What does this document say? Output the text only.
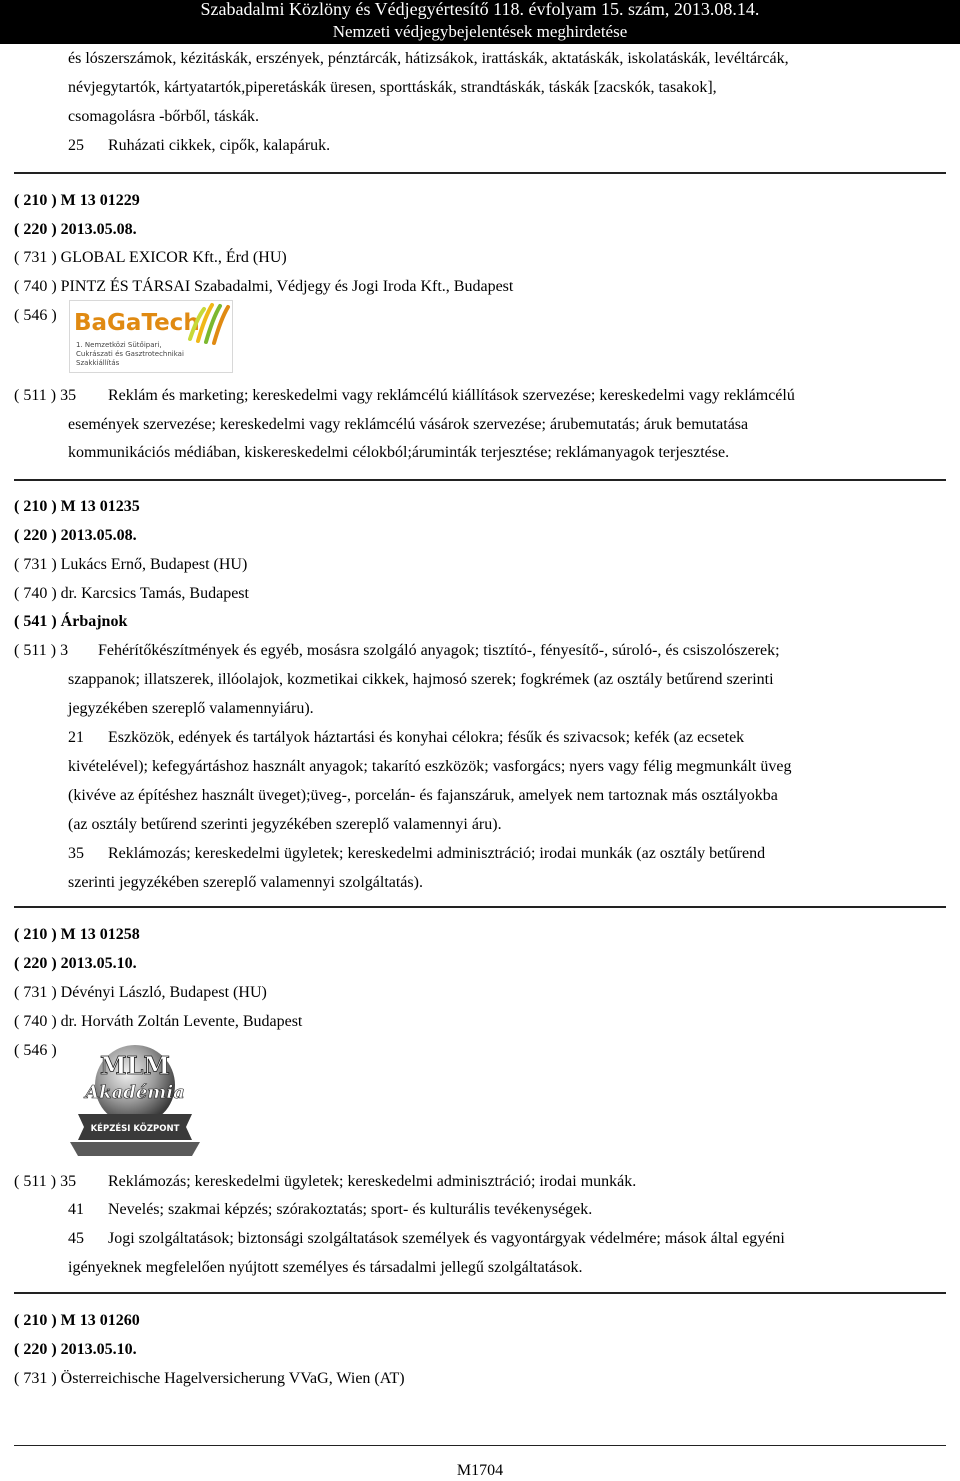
Szabadalmi Közlöny és Védjegyértesítő 118. évfolyam 15. szám, 2013.08.14.
Nemzeti védjegybejelentések meghirdetése
és lószerszámok, kézitáskák, erszények, pénztárcák, hátizsákok, irattáskák, aktatáskák, iskolatáskák, levéltárcák,
névjegytartók, kártyatartók,piperetáskák üresen, sporttáskák, strandtáskák, táskák [zacskók, tasakok],
csomagolásra -bőrből, táskák.
25 Ruházati cikkek, cipők, kalapáruk.
( 210 ) M 13 01229
( 220 ) 2013.05.08.
( 731 ) GLOBAL EXICOR Kft., Érd (HU)
( 740 ) PINTZ ÉS TÁRSAI Szabadalmi, Védjegy és Jogi Iroda Kft., Budapest
( 546 ) BaGaTech
1. Nemzetközi Sütőipari,
Cukrászati és Gasztrotechnikai
Szakkiállítás
( 511 ) 35 Reklám és marketing; kereskedelmi vagy reklámcélú kiállítások szervezése; kereskedelmi vagy reklámcélú
események szervezése; kereskedelmi vagy reklámcélú vásárok szervezése; árubemutatás; áruk bemutatása
kommunikációs médiában, kiskereskedelmi célokból;áruminták terjesztése; reklámanyagok terjesztése.
( 210 ) M 13 01235
( 220 ) 2013.05.08.
( 731 ) Lukács Ernő, Budapest (HU)
( 740 ) dr. Karcsics Tamás, Budapest
( 541 ) Árbajnok
( 511 ) 3 Fehérítőkészítmények és egyéb, mosásra szolgáló anyagok; tisztító-, fényesítő-, súroló-, és csiszolószerek;
szappanok; illatszerek, illóolajok, kozmetikai cikkek, hajmosó szerek; fogkrémek (az osztály betűrend szerinti
jegyzékében szereplő valamennyiáru).
21 Eszközök, edények és tartályok háztartási és konyhai célokra; fésűk és szivacsok; kefék (az ecsetek
kivételével); kefegyártáshoz használt anyagok; takarító eszközök; vasforgács; nyers vagy félig megmunkált üveg
(kivéve az építéshez használt üveget);üveg-, porcelán- és fajanszáruk, amelyek nem tartoznak más osztályokba
(az osztály betűrend szerinti jegyzékében szereplő valamennyi áru).
35 Reklámozás; kereskedelmi ügyletek; kereskedelmi adminisztráció; irodai munkák (az osztály betűrend
szerinti jegyzékében szereplő valamennyi szolgáltatás).
( 210 ) M 13 01258
( 220 ) 2013.05.10.
( 731 ) Dévényi László, Budapest (HU)
( 740 ) dr. Horváth Zoltán Levente, Budapest
( 546 )
MLM
Akadémia
KÉPZÉSI KÖZPONT
( 511 ) 35 Reklámozás; kereskedelmi ügyletek; kereskedelmi adminisztráció; irodai munkák.
41 Nevelés; szakmai képzés; szórakoztatás; sport- és kulturális tevékenységek.
45 Jogi szolgáltatások; biztonsági szolgáltatások személyek és vagyontárgyak védelmére; mások által egyéni
igényeknek megfelelően nyújtott személyes és társadalmi jellegű szolgáltatások.
( 210 ) M 13 01260
( 220 ) 2013.05.10.
( 731 ) Österreichische Hagelversicherung VVaG, Wien (AT)
M1704
